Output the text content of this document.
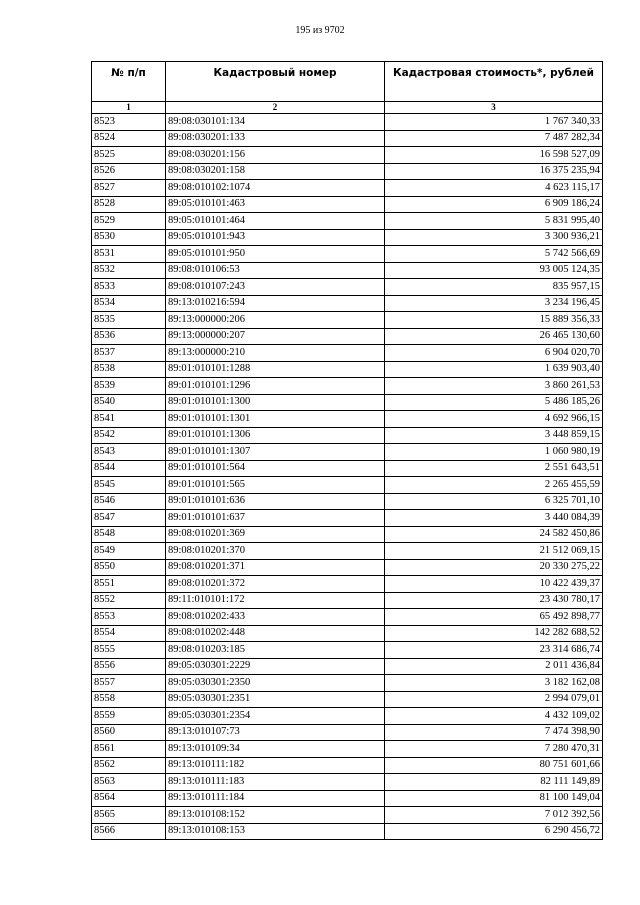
195 из 9702
№ п/п	Кадастровый номер	Кадастровая стоимость*, рублей
1	2	3
8523	89:08:030101:134	1 767 340,33
8524	89:08:030201:133	7 487 282,34
8525	89:08:030201:156	16 598 527,09
8526	89:08:030201:158	16 375 235,94
8527	89:08:010102:1074	4 623 115,17
8528	89:05:010101:463	6 909 186,24
8529	89:05:010101:464	5 831 995,40
8530	89:05:010101:943	3 300 936,21
8531	89:05:010101:950	5 742 566,69
8532	89:08:010106:53	93 005 124,35
8533	89:08:010107:243	835 957,15
8534	89:13:010216:594	3 234 196,45
8535	89:13:000000:206	15 889 356,33
8536	89:13:000000:207	26 465 130,60
8537	89:13:000000:210	6 904 020,70
8538	89:01:010101:1288	1 639 903,40
8539	89:01:010101:1296	3 860 261,53
8540	89:01:010101:1300	5 486 185,26
8541	89:01:010101:1301	4 692 966,15
8542	89:01:010101:1306	3 448 859,15
8543	89:01:010101:1307	1 060 980,19
8544	89:01:010101:564	2 551 643,51
8545	89:01:010101:565	2 265 455,59
8546	89:01:010101:636	6 325 701,10
8547	89:01:010101:637	3 440 084,39
8548	89:08:010201:369	24 582 450,86
8549	89:08:010201:370	21 512 069,15
8550	89:08:010201:371	20 330 275,22
8551	89:08:010201:372	10 422 439,37
8552	89:11:010101:172	23 430 780,17
8553	89:08:010202:433	65 492 898,77
8554	89:08:010202:448	142 282 688,52
8555	89:08:010203:185	23 314 686,74
8556	89:05:030301:2229	2 011 436,84
8557	89:05:030301:2350	3 182 162,08
8558	89:05:030301:2351	2 994 079,01
8559	89:05:030301:2354	4 432 109,02
8560	89:13:010107:73	7 474 398,90
8561	89:13:010109:34	7 280 470,31
8562	89:13:010111:182	80 751 601,66
8563	89:13:010111:183	82 111 149,89
8564	89:13:010111:184	81 100 149,04
8565	89:13:010108:152	7 012 392,56
8566	89:13:010108:153	6 290 456,72
